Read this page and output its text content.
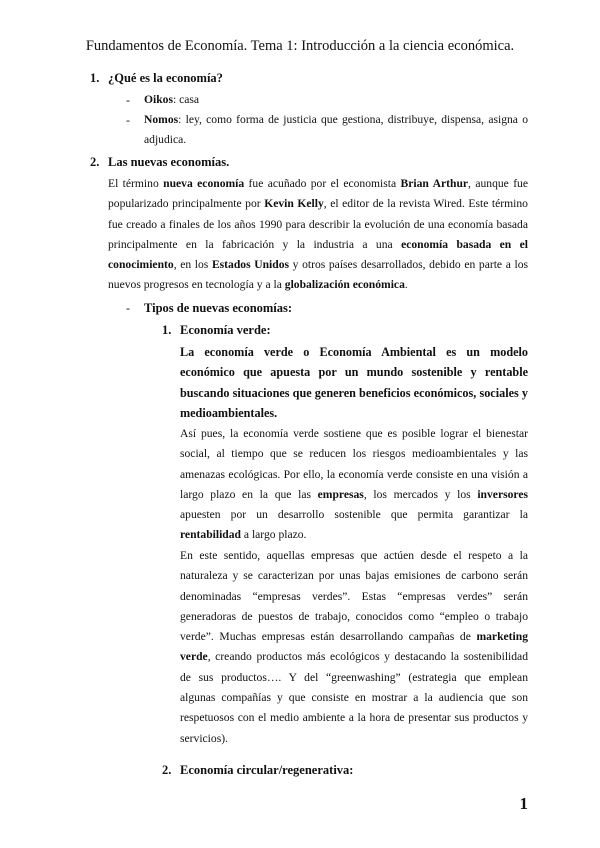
Fundamentos de Economía. Tema 1: Introducción a la ciencia económica.
1. ¿Qué es la economía?
- Oikos: casa

- Nomos: ley, como forma de justicia que gestiona, distribuye, dispensa, asigna o adjudica.

2. Las nuevas economías.

El término nueva economía fue acuñado por el economista Brian Arthur, aunque fue popularizado principalmente por Kevin Kelly, el editor de la revista Wired. Este término fue creado a finales de los años 1990 para describir la evolución de una economía basada principalmente en la fabricación y la industria a una economía basada en el conocimiento, en los Estados Unidos y otros países desarrollados, debido en parte a los nuevos progresos en tecnología y a la globalización económica.

- Tipos de nuevas economías:
1. Economía verde:

La economía verde o Economía Ambiental es un modelo económico que apuesta por un mundo sostenible y rentable buscando situaciones que generen beneficios económicos, sociales y medioambientales.

Así pues, la economía verde sostiene que es posible lograr el bienestar social, al tiempo que se reducen los riesgos medioambientales y las amenazas ecológicas. Por ello, la economía verde consiste en una visión a largo plazo en la que las empresas, los mercados y los inversores apuesten por un desarrollo sostenible que permita garantizar la rentabilidad a largo plazo.

En este sentido, aquellas empresas que actúen desde el respeto a la naturaleza y se caracterizan por unas bajas emisiones de carbono serán denominadas “empresas verdes”. Estas “empresas verdes” serán generadoras de puestos de trabajo, conocidos como “empleo o trabajo verde”. Muchas empresas están desarrollando campañas de marketing verde, creando productos más ecológicos y destacando la sostenibilidad de sus productos…. Y del “greenwashing” (estrategia que emplean algunas compañías y que consiste en mostrar a la audiencia que son respetuosos con el medio ambiente a la hora de presentar sus productos y servicios).

2. Economía circular/regenerativa:
1
